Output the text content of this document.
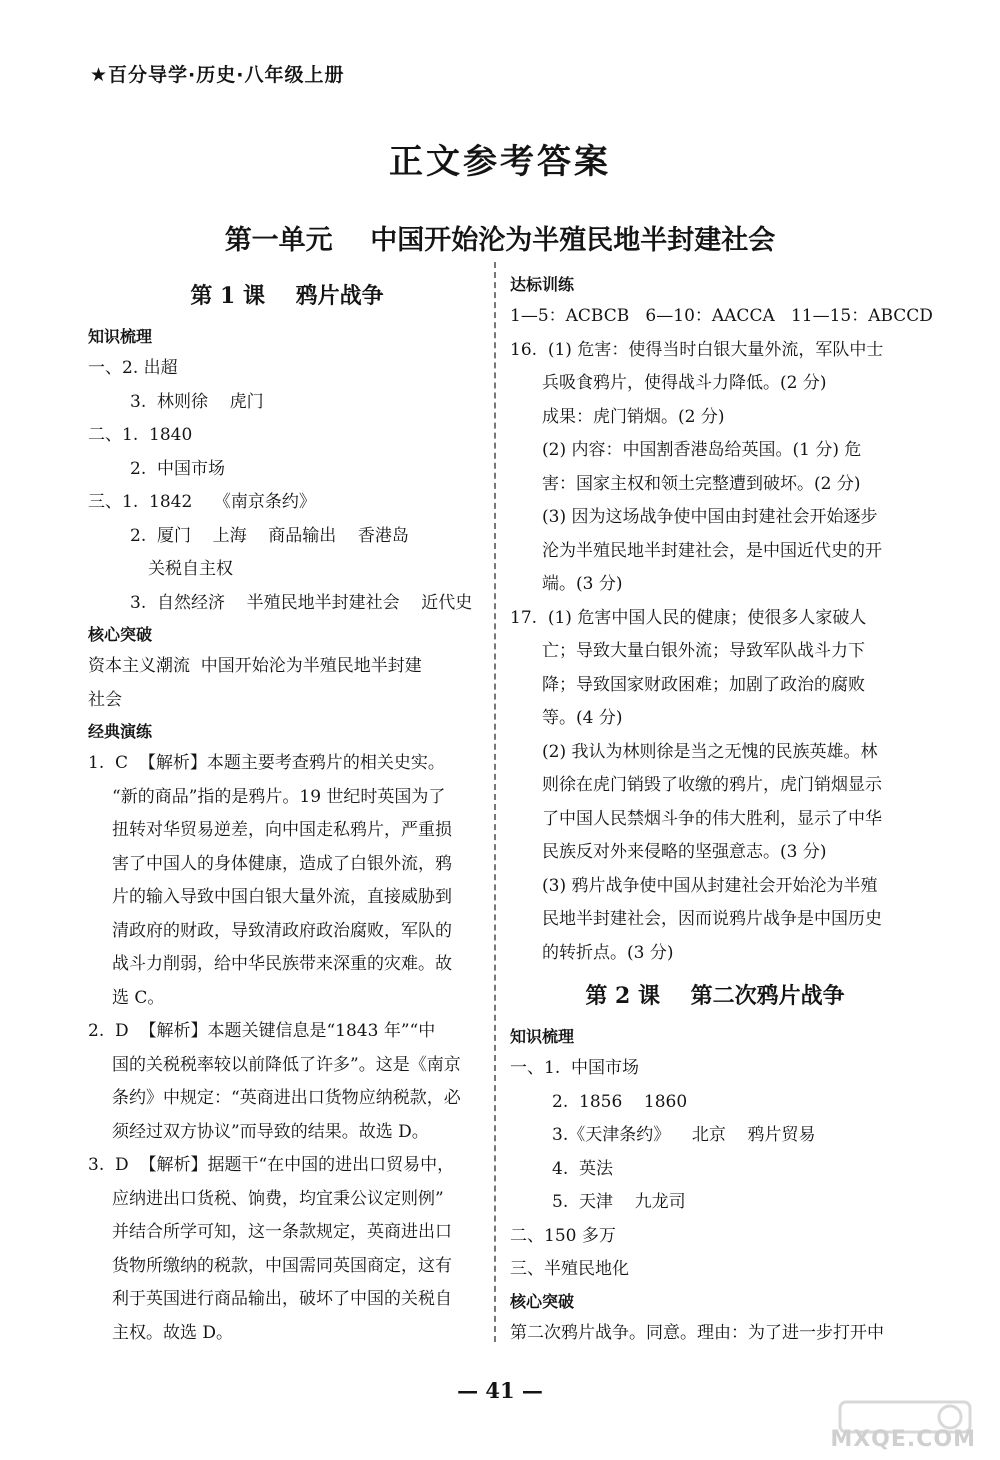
★百分导学·历史·八年级上册
正文参考答案
第一单元    中国开始沦为半殖民地半封建社会
第 1 课    鸦片战争
知识梳理
一、2. 出超
3.  林则徐    虎门
二、1.  1840
2.  中国市场
三、1.  1842    《南京条约》
2.  厦门    上海    商品输出    香港岛
关税自主权
3.  自然经济    半殖民地半封建社会    近代史
核心突破
资本主义潮流  中国开始沦为半殖民地半封建
社会
经典演练
1.  C  【解析】本题主要考查鸦片的相关史实。
“新的商品”指的是鸦片。19 世纪时英国为了
扭转对华贸易逆差，向中国走私鸦片，严重损
害了中国人的身体健康，造成了白银外流，鸦
片的输入导致中国白银大量外流，直接威胁到
清政府的财政，导致清政府政治腐败，军队的
战斗力削弱，给中华民族带来深重的灾难。故
选 C。
2.  D  【解析】本题关键信息是“1843 年”“中
国的关税税率较以前降低了许多”。这是《南京
条约》中规定：“英商进出口货物应纳税款，必
须经过双方协议”而导致的结果。故选 D。
3.  D  【解析】据题干“在中国的进出口贸易中，
应纳进出口货税、饷费，均宜秉公议定则例”
并结合所学可知，这一条款规定，英商进出口
货物所缴纳的税款，中国需同英国商定，这有
利于英国进行商品输出，破坏了中国的关税自
主权。故选 D。
达标训练
1—5：ACBCB   6—10：AACCA   11—15：ABCCD
16.  (1) 危害：使得当时白银大量外流，军队中士
兵吸食鸦片，使得战斗力降低。(2 分)
成果：虎门销烟。(2 分)
(2) 内容：中国割香港岛给英国。(1 分) 危
害：国家主权和领土完整遭到破坏。(2 分)
(3) 因为这场战争使中国由封建社会开始逐步
沦为半殖民地半封建社会，是中国近代史的开
端。(3 分)
17.  (1) 危害中国人民的健康；使很多人家破人
亡；导致大量白银外流；导致军队战斗力下
降；导致国家财政困难；加剧了政治的腐败
等。(4 分)
(2) 我认为林则徐是当之无愧的民族英雄。林
则徐在虎门销毁了收缴的鸦片，虎门销烟显示
了中国人民禁烟斗争的伟大胜利，显示了中华
民族反对外来侵略的坚强意志。(3 分)
(3) 鸦片战争使中国从封建社会开始沦为半殖
民地半封建社会，因而说鸦片战争是中国历史
的转折点。(3 分)
第 2 课    第二次鸦片战争
知识梳理
一、1.  中国市场
2.  1856    1860
3.《天津条约》    北京    鸦片贸易
4.  英法
5.  天津    九龙司
二、150 多万
三、半殖民地化
核心突破
第二次鸦片战争。同意。理由：为了进一步打开中
— 41 —
MXQE.COM
